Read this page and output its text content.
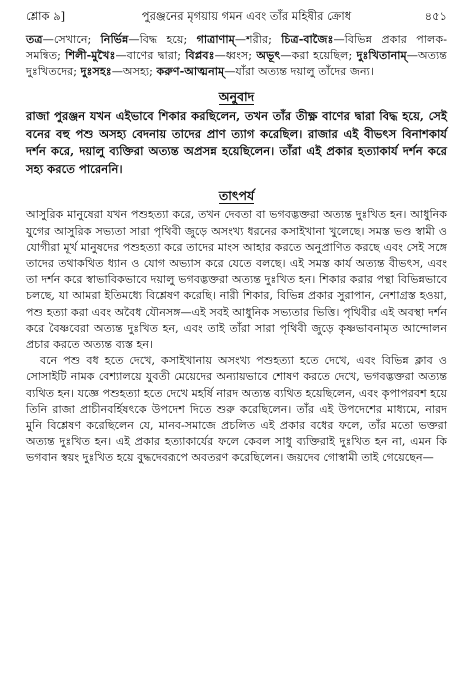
শ্লোক ৯]	পুরঞ্জনের মৃগয়ায় গমন এবং তাঁর মহিষীর ক্রোধ	৪৫১
তত্র—সেখানে; নির্ভিন্ন—বিদ্ধ হয়ে; গাত্রাণাম্—শরীর; চিত্র-বাজৈঃ—বিভিন্ন প্রকার পালক-সমন্বিত; শিলী-মুখৈঃ—বাণের দ্বারা; বিপ্লবঃ—ধ্বংস; অভূৎ—করা হয়েছিল; দুঃখিতানাম্—অত্যন্ত দুঃখিতদের; দুঃসহঃ—অসহ্য; করুণ-আত্মনাম্—যাঁরা অত্যন্ত দয়ালু তাঁদের জন্য।
অনুবাদ
রাজা পুরঞ্জন যখন এইভাবে শিকার করছিলেন, তখন তাঁর তীক্ষ্ণ বাণের দ্বারা বিদ্ধ হয়ে, সেই বনের বহু পশু অসহ্য বেদনায় তাদের প্রাণ ত্যাগ করেছিল। রাজার এই বীভৎস বিনাশকার্য দর্শন করে, দয়ালু ব্যক্তিরা অত্যন্ত অপ্রসন্ন হয়েছিলেন। তাঁরা এই প্রকার হত্যাকার্য দর্শন করে সহ্য করতে পারেননি।
তাৎপর্য

আসুরিক মানুষেরা যখন পশুহত্যা করে, তখন দেবতা বা ভগবদ্ভক্তরা অত্যন্ত দুঃখিত হন। আধুনিক যুগের আসুরিক সভ্যতা সারা পৃথিবী জুড়ে অসংখ্য ধরনের কসাইখানা খুলেছে। সমস্ত ভণ্ড স্বামী ও যোগীরা মূর্খ মানুষদের পশুহত্যা করে তাদের মাংস আহার করতে অনুপ্রাণিত করছে এবং সেই সঙ্গে তাদের তথাকথিত ধ্যান ও যোগ অভ্যাস করে যেতে বলছে। এই সমস্ত কার্য অত্যন্ত বীভৎস, এবং তা দর্শন করে স্বাভাবিকভাবে দয়ালু ভগবদ্ভক্তরা অত্যন্ত দুঃখিত হন। শিকার করার পন্থা বিভিন্নভাবে চলছে, যা আমরা ইতিমধ্যে বিশ্লেষণ করেছি। নারী শিকার, বিভিন্ন প্রকার সুরাপান, নেশাগ্রস্ত হওয়া, পশু হত্যা করা এবং অবৈধ যৌনসঙ্গ—এই সবই আধুনিক সভ্যতার ভিত্তি। পৃথিবীর এই অবস্থা দর্শন করে বৈষ্ণবেরা অত্যন্ত দুঃখিত হন, এবং তাই তাঁরা সারা পৃথিবী জুড়ে কৃষ্ণভাবনামৃত আন্দোলন প্রচার করতে অত্যন্ত ব্যস্ত হন।

বনে পশু বধ হতে দেখে, কসাইখানায় অসংখ্য পশুহত্যা হতে দেখে, এবং বিভিন্ন ক্লাব ও সোসাইটি নামক বেশ্যালয়ে যুবতী মেয়েদের অন্যায়ভাবে শোষণ করতে দেখে, ভগবদ্ভক্তরা অত্যন্ত ব্যথিত হন। যজ্ঞে পশুহত্যা হতে দেখে মহর্ষি নারদ অত্যন্ত ব্যথিত হয়েছিলেন, এবং কৃপাপরবশ হয়ে তিনি রাজা প্রাচীনবর্হিষৎকে উপদেশ দিতে শুরু করেছিলেন। তাঁর এই উপদেশের মাধ্যমে, নারদ মুনি বিশ্লেষণ করেছিলেন যে, মানব-সমাজে প্রচলিত এই প্রকার বধের ফলে, তাঁর মতো ভক্তরা অত্যন্ত দুঃখিত হন। এই প্রকার হত্যাকার্যের ফলে কেবল সাধু ব্যক্তিরাই দুঃখিত হন না, এমন কি ভগবান স্বয়ং দুঃখিত হয়ে বুদ্ধদেবরূপে অবতরণ করেছিলেন। জয়দেব গোস্বামী তাই গেয়েছেন—
